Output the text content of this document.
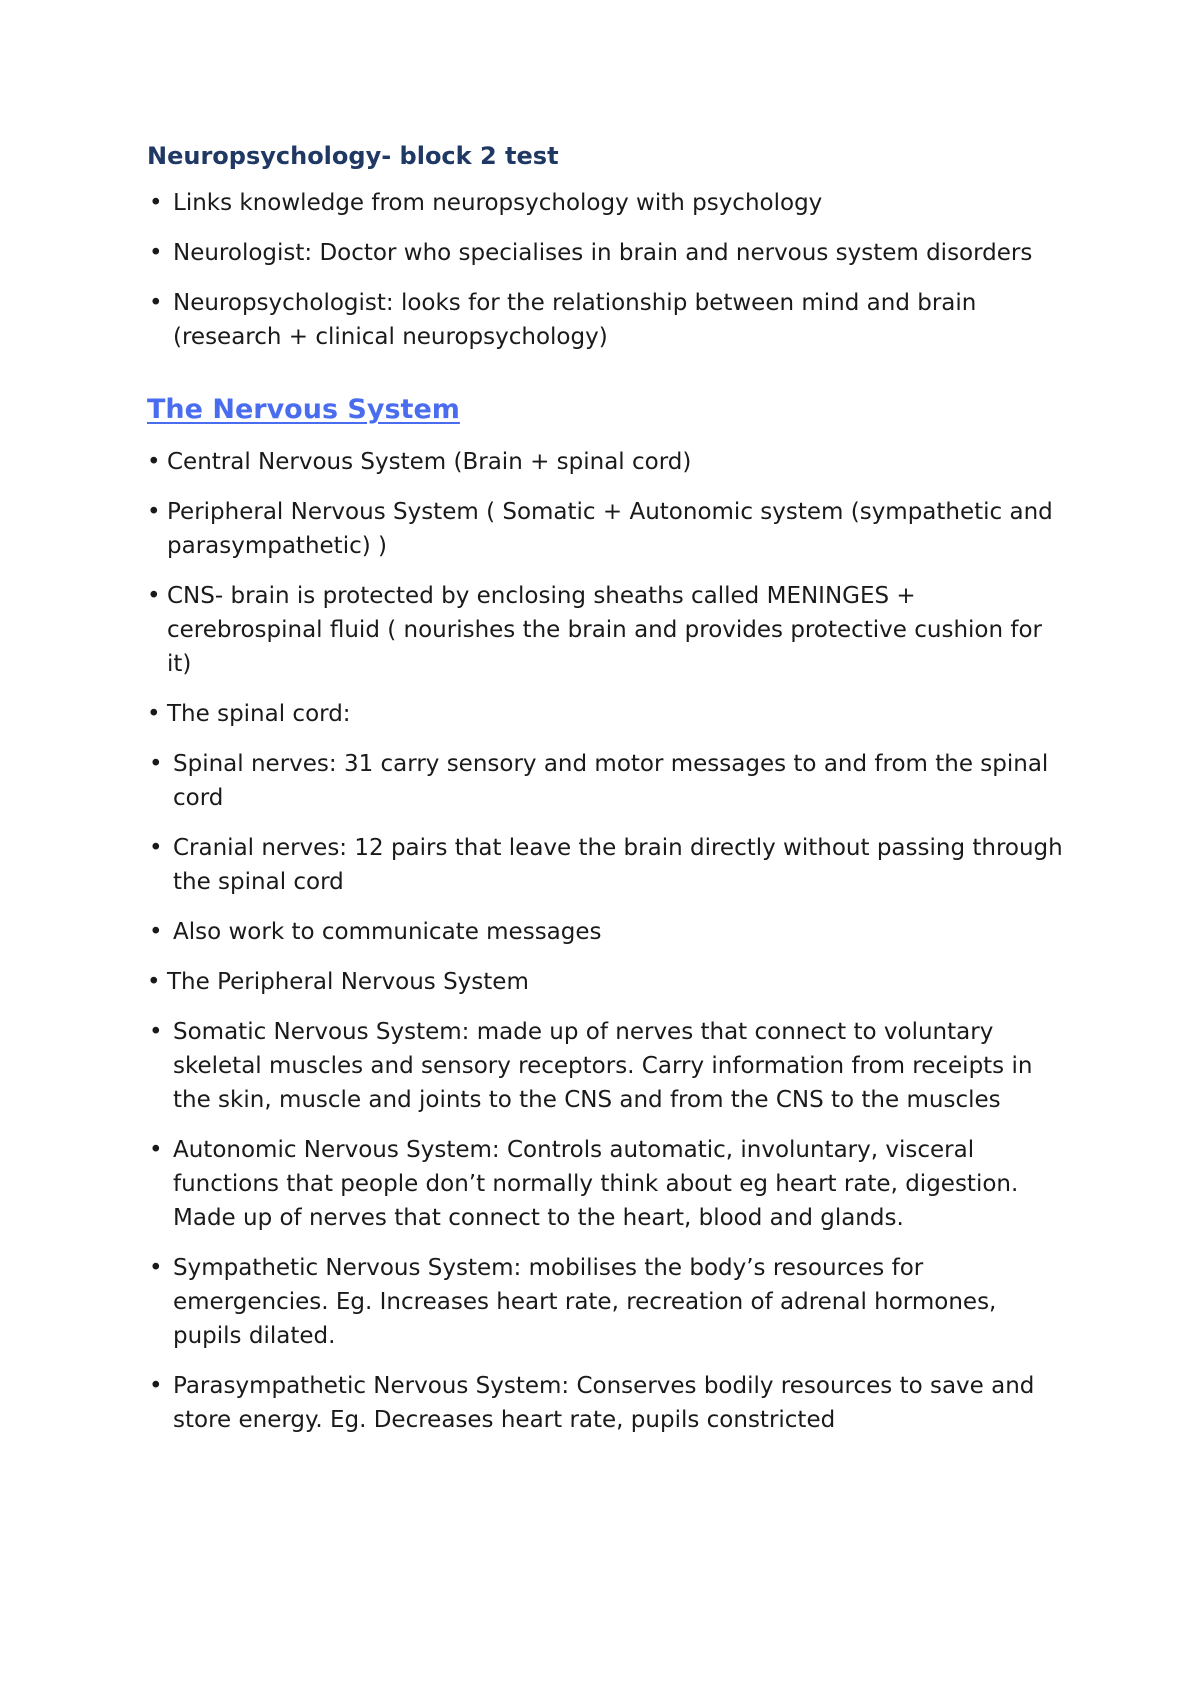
Neuropsychology- block 2 test
• Links knowledge from neuropsychology with psychology
• Neurologist: Doctor who specialises in brain and nervous system disorders
• Neuropsychologist: looks for the relationship between mind and brain (research + clinical neuropsychology)
The Nervous System
• Central Nervous System (Brain + spinal cord)
• Peripheral Nervous System ( Somatic + Autonomic system (sympathetic and parasympathetic) )
• CNS- brain is protected by enclosing sheaths called MENINGES + cerebrospinal fluid ( nourishes the brain and provides protective cushion for it)
• The spinal cord:
• Spinal nerves: 31 carry sensory and motor messages to and from the spinal cord
• Cranial nerves: 12 pairs that leave the brain directly without passing through the spinal cord
• Also work to communicate messages
• The Peripheral Nervous System
• Somatic Nervous System: made up of nerves that connect to voluntary skeletal muscles and sensory receptors. Carry information from receipts in the skin, muscle and joints to the CNS and from the CNS to the muscles
• Autonomic Nervous System: Controls automatic, involuntary, visceral functions that people don’t normally think about eg heart rate, digestion. Made up of nerves that connect to the heart, blood and glands.
• Sympathetic Nervous System: mobilises the body’s resources for emergencies. Eg. Increases heart rate, recreation of adrenal hormones, pupils dilated.
• Parasympathetic Nervous System: Conserves bodily resources to save and store energy. Eg. Decreases heart rate, pupils constricted
